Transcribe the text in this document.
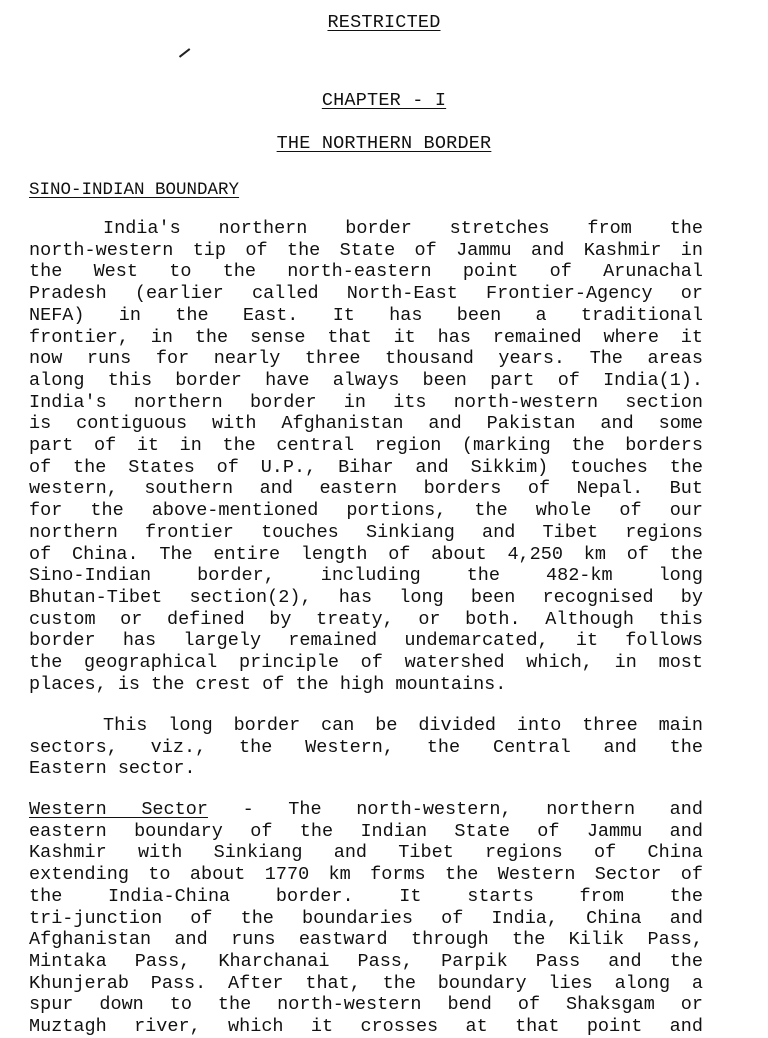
RESTRICTED
CHAPTER - I
THE NORTHERN BORDER
SINO-INDIAN BOUNDARY
India's northern border stretches from the
north-western tip of the State of Jammu and Kashmir in
the West to the north-eastern point of Arunachal
Pradesh (earlier called North-East Frontier-Agency or
NEFA) in the East. It has been a traditional
frontier, in the sense that it has remained where it
now runs for nearly three thousand years. The areas
along this border have always been part of India(1).
India's northern border in its north-western section
is contiguous with Afghanistan and Pakistan and some
part of it in the central region (marking the borders
of the States of U.P., Bihar and Sikkim) touches the
western, southern and eastern borders of Nepal. But
for the above-mentioned portions, the whole of our
northern frontier touches Sinkiang and Tibet regions
of China. The entire length of about 4,250 km of the
Sino-Indian border, including the 482-km long
Bhutan-Tibet section(2), has long been recognised by
custom or defined by treaty, or both. Although this
border has largely remained undemarcated, it follows
the geographical principle of watershed which, in most
places, is the crest of the high mountains.
This long border can be divided into three main
sectors, viz., the Western, the Central and the
Eastern sector.
Western Sector - The north-western, northern and
eastern boundary of the Indian State of Jammu and
Kashmir with Sinkiang and Tibet regions of China
extending to about 1770 km forms the Western Sector of
the India-China border. It starts from the
tri-junction of the boundaries of India, China and
Afghanistan and runs eastward through the Kilik Pass,
Mintaka Pass, Kharchanai Pass, Parpik Pass and the
Khunjerab Pass. After that, the boundary lies along a
spur down to the north-western bend of Shaksgam or
Muztagh river, which it crosses at that point and
